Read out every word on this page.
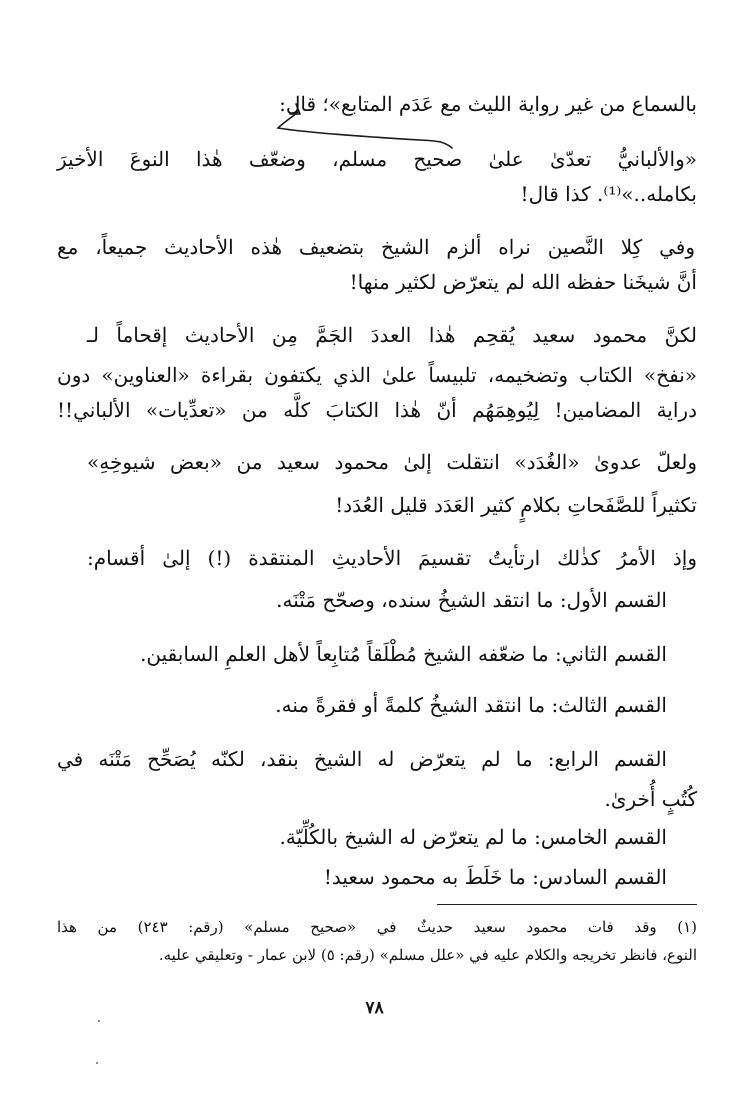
بالسماع من غير رواية الليث مع عَدَم المتابع»؛ قال:
«والألبانيُّ تعدّىٰ علىٰ صحيح مسلم، وضعّف هٰذا النوعَ الأخيرَ
بكامله..»⁽¹⁾. كذا قال!
وفي كِلا النَّصين نراه ألزم الشيخ بتضعيف هٰذه الأحاديث جميعاً، مع
أنَّ شيخَنا حفظه الله لم يتعرّض لكثير منها!
لكنَّ محمود سعيد يُقحِم هٰذا العددَ الجَمَّ مِن الأحاديث إقحاماً لـ
«نفخ» الكتاب وتضخيمه، تلبيساً علىٰ الذي يكتفون بقراءة «العناوين» دون
دراية المضامين! لِيُوهِمَهُم أنّ هٰذا الكتابَ كلَّه من «تعدِّيات» الألباني!!
ولعلّ عدوىٰ «الغُدَد» انتقلت إلىٰ محمود سعيد من «بعض شيوخِهِ»
تكثيراً للصَّفَحاتِ بكلامٍ كثير العَدَد قليل العُدَد!
وإذ الأمرُ كذٰلك ارتأيتُ تقسيمَ الأحاديثِ المنتقدة (!) إلىٰ أقسام:
القسم الأول: ما انتقد الشيخُ سنده، وصحّح مَتْنَه.
القسم الثاني: ما ضعّفه الشيخ مُطْلَقاً مُتابِعاً لأهل العلمِ السابقين.
القسم الثالث: ما انتقد الشيخُ كلمةً أو فقرةً منه.
القسم الرابع: ما لم يتعرّض له الشيخ بنقد، لكنّه يُصَحِّح مَتْنَه في
كُتُبٍ أُخرىٰ.
القسم الخامس: ما لم يتعرّض له الشيخ بالكُلِّيّة.
القسم السادس: ما خَلَطَ به محمود سعيد!
(١) وقد فات محمود سعيد حديثٌ في «صحيح مسلم» (رقم: ٢٤٣) من هذا
النوع، فانظر تخريجه والكلام عليه في «علل مسلم» (رقم: ٥) لابن عمار - وتعليقي عليه.
٧٨
